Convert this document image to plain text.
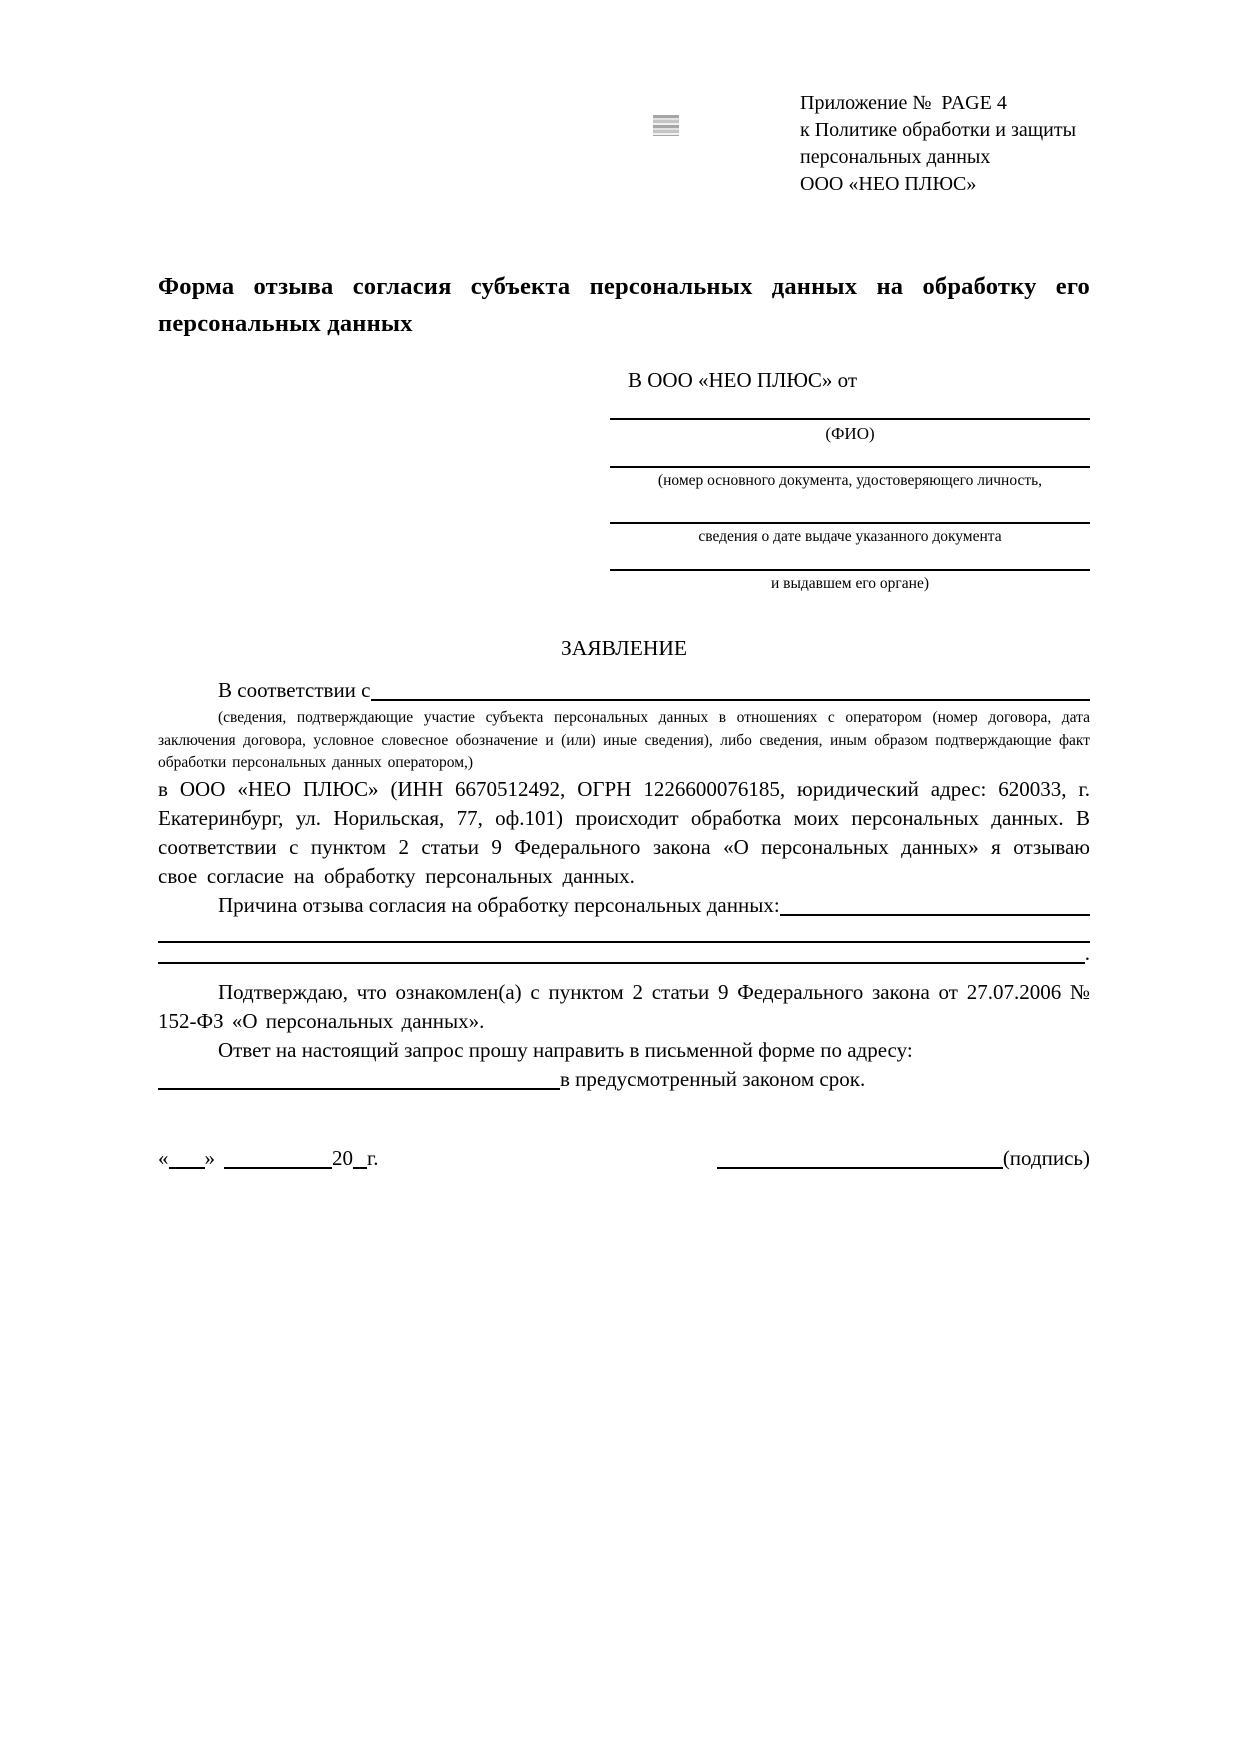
Приложение №  PAGE 4
к Политике обработки и защиты
персональных данных
ООО «НЕО ПЛЮС»
Форма отзыва согласия субъекта персональных данных на обработку его персональных данных
В ООО «НЕО ПЛЮС» от
(ФИО)
(номер основного документа, удостоверяющего личность,
сведения о дате выдаче указанного документа
и выдавшем его органе)
ЗАЯВЛЕНИЕ
В соответствии с
(сведения, подтверждающие участие субъекта персональных данных в отношениях с оператором (номер договора, дата заключения договора, условное словесное обозначение и (или) иные сведения), либо сведения, иным образом подтверждающие факт обработки персональных данных оператором,)
в ООО «НЕО ПЛЮС» (ИНН 6670512492, ОГРН 1226600076185, юридический адрес: 620033, г. Екатеринбург, ул. Норильская, 77, оф.101) происходит обработка моих персональных данных. В соответствии с пунктом 2 статьи 9 Федерального закона «О персональных данных» я отзываю свое согласие на обработку персональных данных.
Причина отзыва согласия на обработку персональных данных:
.
Подтверждаю, что ознакомлен(а) с пунктом 2 статьи 9 Федерального закона от 27.07.2006 № 152-ФЗ «О персональных данных».
Ответ на настоящий запрос прошу направить в письменной форме по адресу:
в предусмотренный законом срок.
« »	20 г.	(подпись)
